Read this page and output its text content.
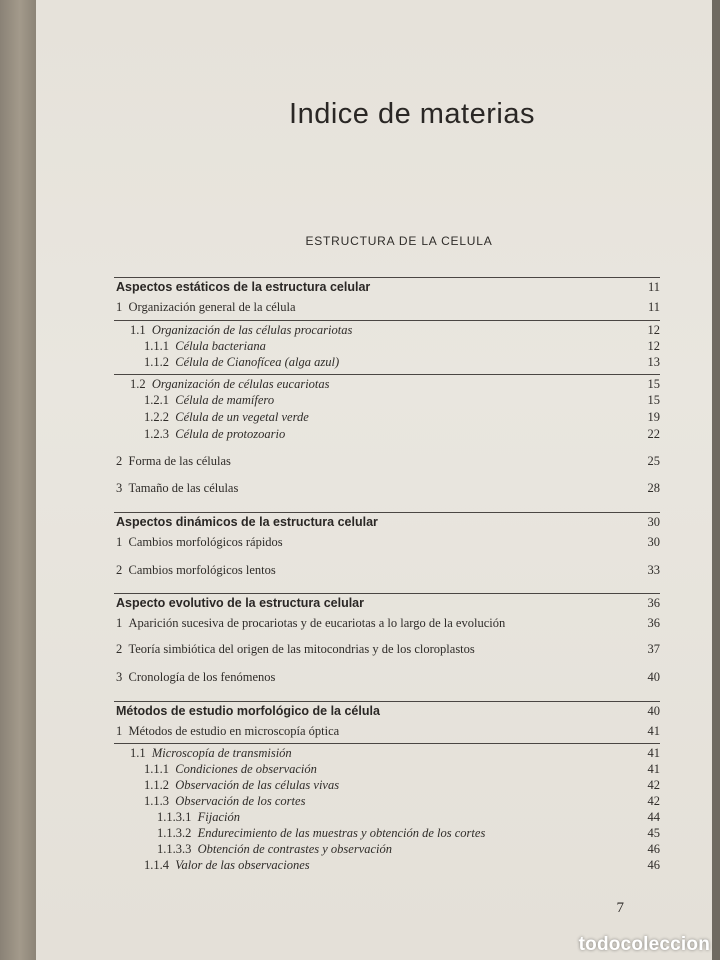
Indice de materias
ESTRUCTURA DE LA CELULA
Aspectos estáticos de la estructura celular	11
1  Organización general de la célula	11
1.1  Organización de las células procariotas	12
1.1.1  Célula bacteriana	12
1.1.2  Célula de Cianofícea (alga azul)	13
1.2  Organización de células eucariotas	15
1.2.1  Célula de mamífero	15
1.2.2  Célula de un vegetal verde	19
1.2.3  Célula de protozoario	22
2  Forma de las células	25
3  Tamaño de las células	28
Aspectos dinámicos de la estructura celular	30
1  Cambios morfológicos rápidos	30
2  Cambios morfológicos lentos	33
Aspecto evolutivo de la estructura celular	36
1  Aparición sucesiva de procariotas y de eucariotas a lo largo de la evolución	36
2  Teoría simbiótica del origen de las mitocondrias y de los cloroplastos	37
3  Cronología de los fenómenos	40
Métodos de estudio morfológico de la célula	40
1  Métodos de estudio en microscopía óptica	41
1.1  Microscopía de transmisión	41
1.1.1  Condiciones de observación	41
1.1.2  Observación de las células vivas	42
1.1.3  Observación de los cortes	42
1.1.3.1  Fijación	44
1.1.3.2  Endurecimiento de las muestras y obtención de los cortes	45
1.1.3.3  Obtención de contrastes y observación	46
1.1.4  Valor de las observaciones	46
7
todocoleccion
